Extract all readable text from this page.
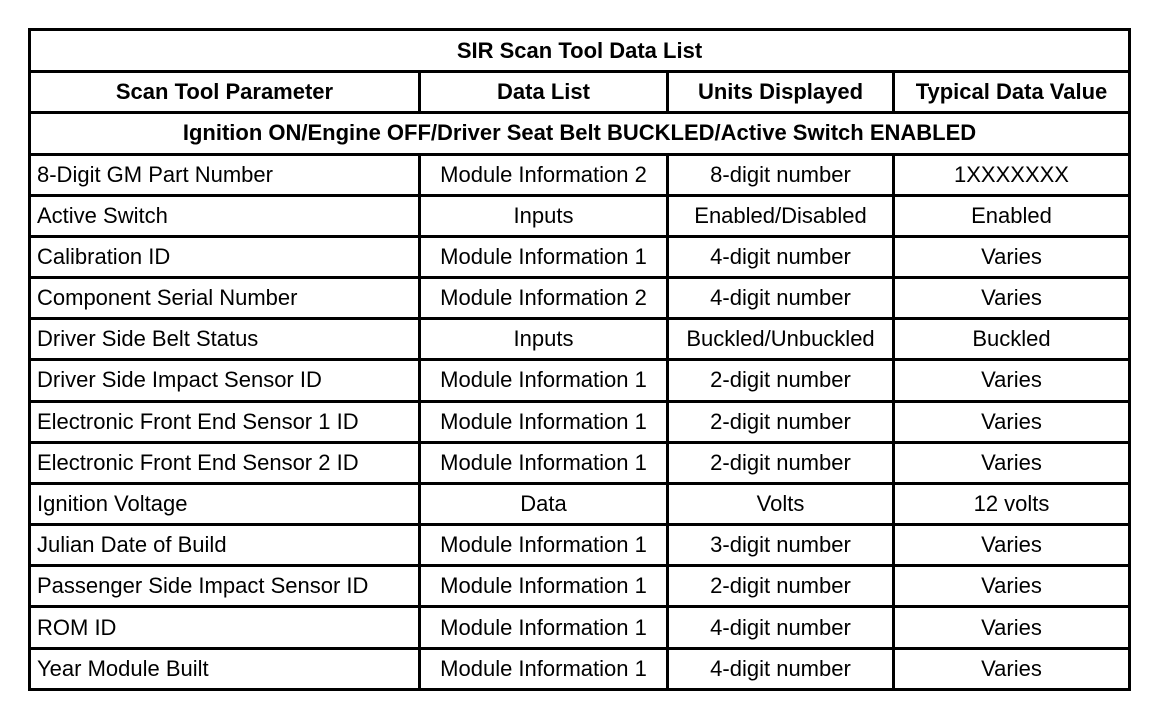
SIR Scan Tool Data List			
Scan Tool Parameter	Data List	Units Displayed	Typical Data Value
Ignition ON/Engine OFF/Driver Seat Belt BUCKLED/Active Switch ENABLED			
8-Digit GM Part Number	Module Information 2	8-digit number	1XXXXXXX
Active Switch	Inputs	Enabled/Disabled	Enabled
Calibration ID	Module Information 1	4-digit number	Varies
Component Serial Number	Module Information 2	4-digit number	Varies
Driver Side Belt Status	Inputs	Buckled/Unbuckled	Buckled
Driver Side Impact Sensor ID	Module Information 1	2-digit number	Varies
Electronic Front End Sensor 1 ID	Module Information 1	2-digit number	Varies
Electronic Front End Sensor 2 ID	Module Information 1	2-digit number	Varies
Ignition Voltage	Data	Volts	12 volts
Julian Date of Build	Module Information 1	3-digit number	Varies
Passenger Side Impact Sensor ID	Module Information 1	2-digit number	Varies
ROM ID	Module Information 1	4-digit number	Varies
Year Module Built	Module Information 1	4-digit number	Varies
